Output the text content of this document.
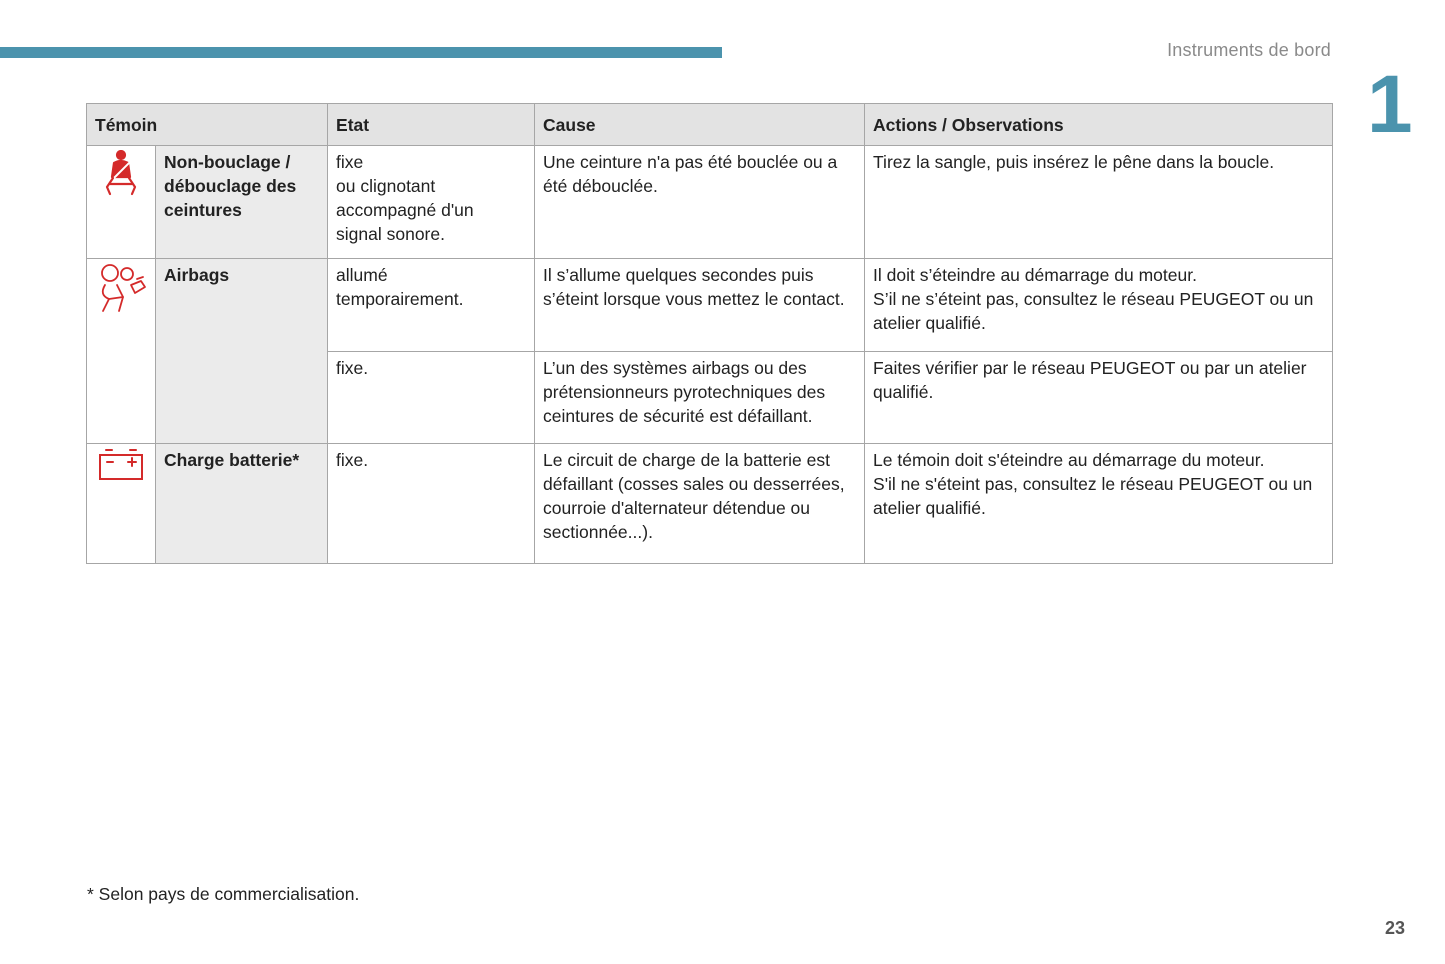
Instruments de bord
1
Témoin		Etat	Cause	Actions / Observations

	Non-bouclage / débouclage des ceintures	fixe
ou clignotant
accompagné d'un
signal sonore.	Une ceinture n'a pas été bouclée ou a été débouclée.	Tirez la sangle, puis insérez le pêne dans la boucle.

	Airbags	allumé
temporairement.	Il s’allume quelques secondes puis s’éteint lorsque vous mettez le contact.	Il doit s’éteindre au démarrage du moteur.
S’il ne s’éteint pas, consultez le réseau PEUGEOT ou un atelier qualifié.
		fixe.	L’un des systèmes airbags ou des prétensionneurs pyrotechniques des ceintures de sécurité est défaillant.	Faites vérifier par le réseau PEUGEOT ou par un atelier qualifié.

	Charge batterie*	fixe.	Le circuit de charge de la batterie est défaillant (cosses sales ou desserrées, courroie d'alternateur détendue ou sectionnée...).	Le témoin doit s'éteindre au démarrage du moteur.
S'il ne s'éteint pas, consultez le réseau PEUGEOT ou un atelier qualifié.
* Selon pays de commercialisation.
23
